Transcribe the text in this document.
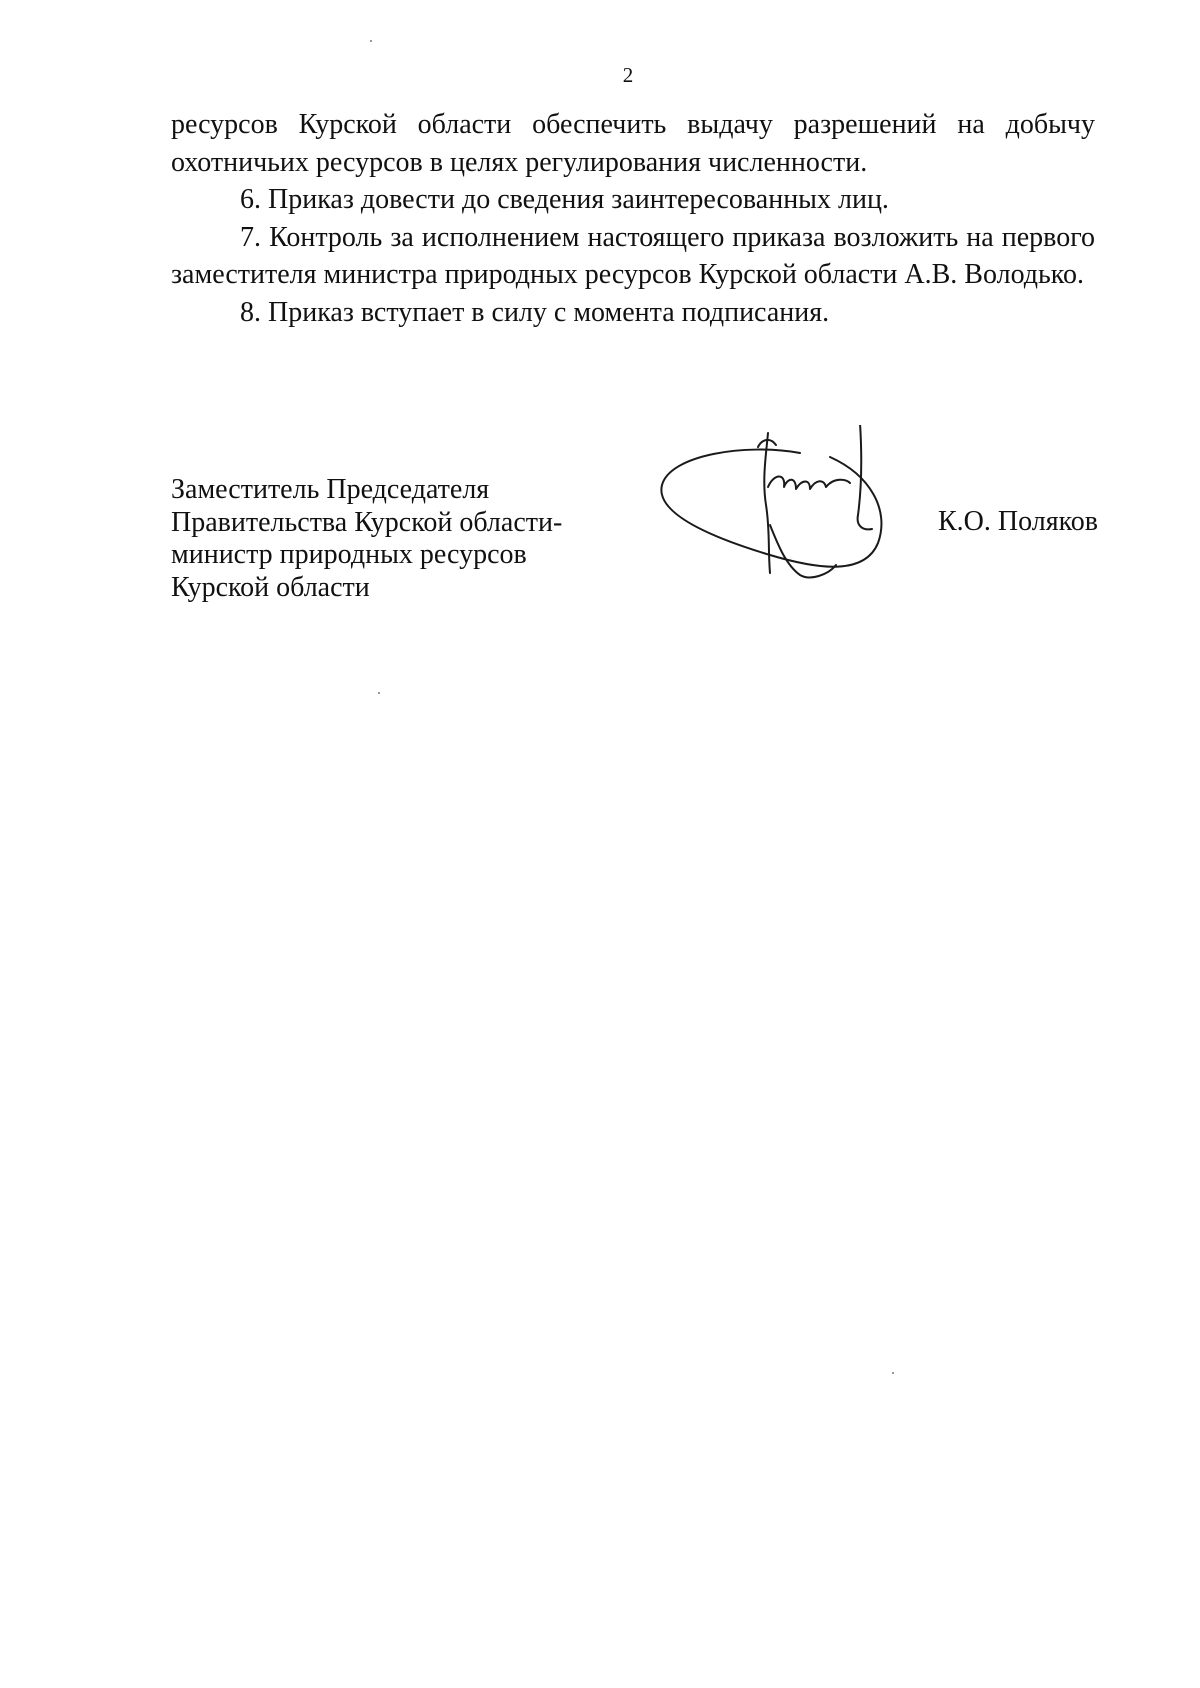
2

ресурсов Курской области обеспечить выдачу разрешений на добычу охотничьих ресурсов в целях регулирования численности.

6. Приказ довести до сведения заинтересованных лиц.

7. Контроль за исполнением настоящего приказа возложить на первого заместителя министра природных ресурсов Курской области А.В. Володько.

8. Приказ вступает в силу с момента подписания.

Заместитель Председателя
Правительства Курской области-
министр природных ресурсов
Курской области
К.О. Поляков
